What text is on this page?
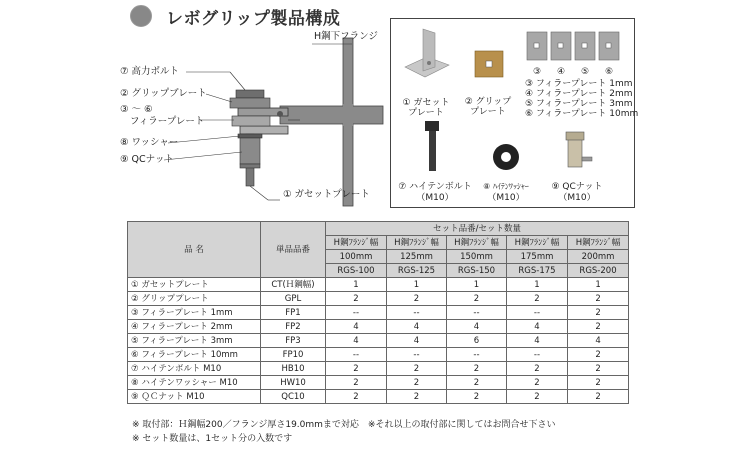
レボグリップ製品構成
H鋼下フランジ
⑦ 高力ボルト
② グリップブレート
③ 〜 ⑥
フィラープレート
⑧ ワッシャー
⑨ QCナット
① ガセットプレート
① ガセット
プレート
② グリップ
プレート
③	④	⑤	⑥
③ フィラープレート 1mm
④ フィラープレート 2mm
⑤ フィラープレート 3mm
⑥ フィラープレート 10mm
⑦ ハイテンボルト
（M10）
⑧ ﾊｲﾃﾝﾜｯｼｬｰ
（M10）
⑨ QCナット
（M10）
品 名	単品品番	セット品番/セット数量				
		H鋼ﾌﾗﾝｼﾞ幅	H鋼ﾌﾗﾝｼﾞ幅	H鋼ﾌﾗﾝｼﾞ幅	H鋼ﾌﾗﾝｼﾞ幅	H鋼ﾌﾗﾝｼﾞ幅
		100mm	125mm	150mm	175mm	200mm
		RGS-100	RGS-125	RGS-150	RGS-175	RGS-200
① ガセットプレート	CT(Ｈ鋼幅)	1	1	1	1	1
② グリッププレート	GPL	2	2	2	2	2
③ フィラープレート 1mm	FP1	--	--	--	--	2
④ フィラープレート 2mm	FP2	4	4	4	4	2
⑤ フィラープレート 3mm	FP3	4	4	6	4	4
⑥ フィラープレート 10mm	FP10	--	--	--	--	2
⑦ ハイテンボルト M10	HB10	2	2	2	2	2
⑧ ハイテンワッシャー M10	HW10	2	2	2	2	2
⑨ ＱＣナット M10	QC10	2	2	2	2	2
※ 取付部：Ｈ鋼幅200／フランジ厚さ19.0mmまで対応　※それ以上の取付部に関してはお問合せ下さい
※ セット数量は、1セット分の入数です
